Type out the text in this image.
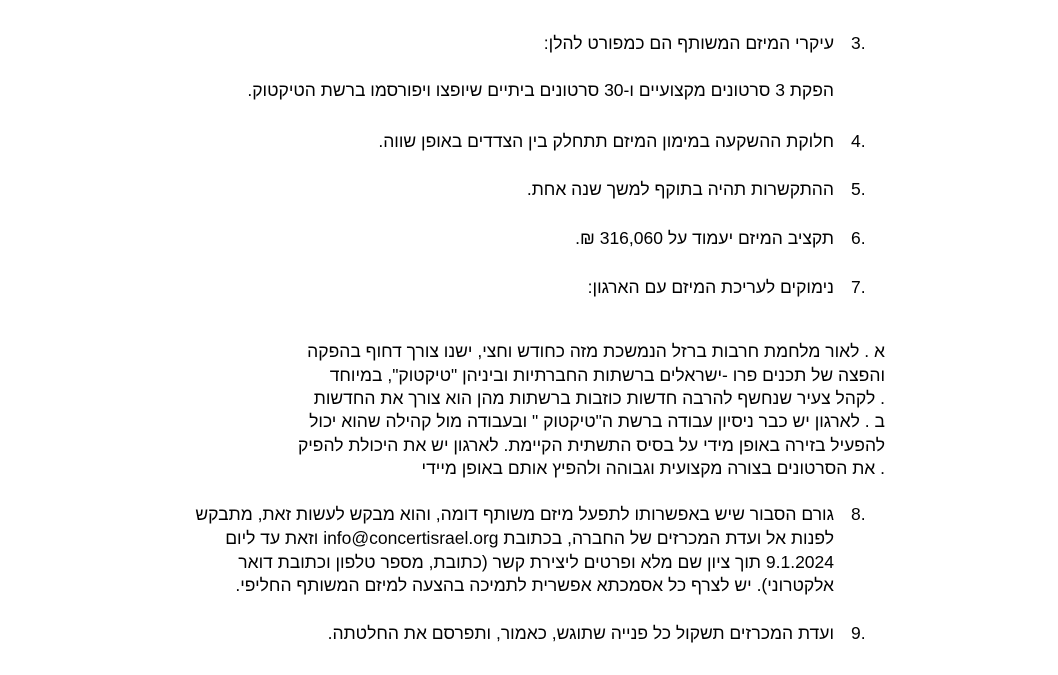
3.
עיקרי המיזם המשותף הם כמפורט להלן:
הפקת 3 סרטונים מקצועיים ו-30 סרטונים ביתיים שיופצו ויפורסמו ברשת הטיקטוק.
4.
חלוקת ההשקעה במימון המיזם תתחלק בין הצדדים באופן שווה.
5.
ההתקשרות תהיה בתוקף למשך שנה אחת.
6.
תקציב המיזם יעמוד על 316,060 ₪.
7.
נימוקים לעריכת המיזם עם הארגון:
א . לאור מלחמת חרבות ברזל הנמשכת מזה כחודש וחצי, ישנו צורך דחוף בהפקה
והפצה של תכנים פרו -ישראלים ברשתות החברתיות וביניהן "טיקטוק", במיוחד
. לקהל צעיר שנחשף להרבה חדשות כוזבות ברשתות מהן הוא צורך את החדשות
ב . לארגון יש כבר ניסיון עבודה ברשת ה"טיקטוק " ובעבודה מול קהילה שהוא יכול
להפעיל בזירה באופן מידי על בסיס התשתית הקיימת. לארגון יש את היכולת להפיק
. את הסרטונים בצורה מקצועית וגבוהה ולהפיץ אותם באופן מיידי
8.
גורם הסבור שיש באפשרותו לתפעל מיזם משותף דומה, והוא מבקש לעשות זאת, מתבקש
לפנות אל ועדת המכרזים של החברה, בכתובת info@concertisrael.org וזאת עד ליום
9.1.2024 תוך ציון שם מלא ופרטים ליצירת קשר (כתובת, מספר טלפון וכתובת דואר
אלקטרוני). יש לצרף כל אסמכתא אפשרית לתמיכה בהצעה למיזם המשותף החליפי.
9.
ועדת המכרזים תשקול כל פנייה שתוגש, כאמור, ותפרסם את החלטתה.
